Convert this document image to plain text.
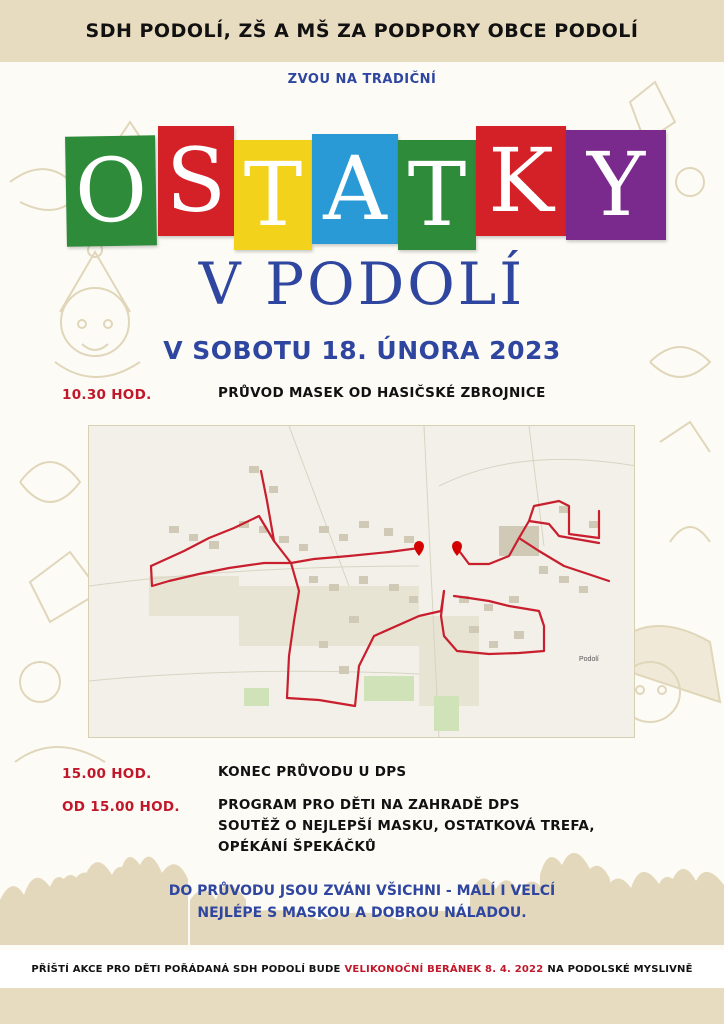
SDH PODOLÍ, ZŠ A MŠ ZA PODPORY OBCE PODOLÍ
ZVOU NA TRADIČNÍ
O S T A T K Y
V PODOLÍ
V SOBOTU 18. ÚNORA 2023
10.30 HOD.	PRŮVOD MASEK OD HASIČSKÉ ZBROJNICE
Podolí
15.00 HOD.	KONEC PRŮVODU U DPS
OD 15.00 HOD.	PROGRAM PRO DĚTI NA ZAHRADĚ DPS
SOUTĚŽ O NEJLEPŠÍ MASKU, OSTATKOVÁ TREFA,
OPÉKÁNÍ ŠPEKÁČKŮ
DO PRŮVODU JSOU ZVÁNI VŠICHNI - MALÍ I VELCÍ
NEJLÉPE S MASKOU A DOBROU NÁLADOU.
PŘÍŠTÍ AKCE PRO DĚTI POŘÁDANÁ SDH PODOLÍ BUDE VELIKONOČNÍ BERÁNEK 8. 4. 2022 NA PODOLSKÉ MYSLIVNĚ
